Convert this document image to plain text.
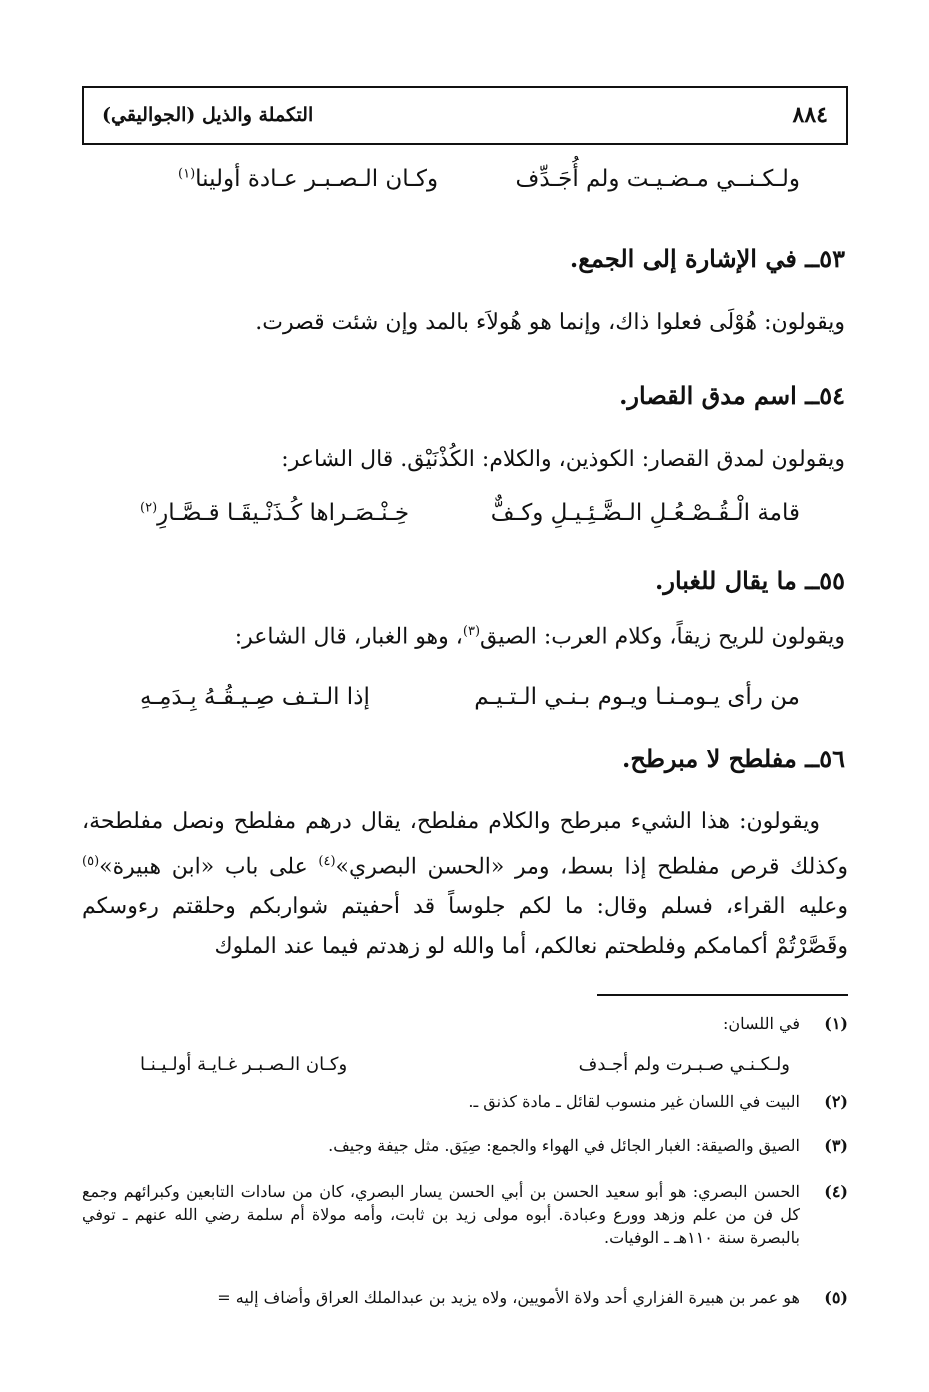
٨٨٤
التكملة والذيل (الجواليقي)
ولـكـنــي مـضـيـت ولم أُجَـدِّف
وكـان الـصـبـر عـادة أولينا$^{(١)}$
٥٣ــ في الإشارة إلى الجمع.
ويقولون: هُوْلَى فعلوا ذاك، وإنما هو هُولاَء بالمد وإن شئت قصرت.
٥٤ــ اسم مدق القصار.
ويقولون لمدق القصار: الكوذين، والكلام: الكُذْنَيْق. قال الشاعر:
قامة الْـقُـصْـعُـلِ الـضَّـئِـيـلِ وكـفٌّ
خِـنْـصَـراها كُـذَنْـيقَـا قـصَّـارِ$^{(٢)}$
٥٥ــ ما يقال للغبار.
ويقولون للريح زيقاً، وكلام العرب: الصيق$^{(٣)}$، وهو الغبار، قال الشاعر:
من رأى يـومـنـا ويـوم بـنـي الـتـيـم
إذا الـتـف صِـيـقُـهُ بِـدَمِـهِ
٥٦ــ مفلطح لا مبرطح.
ويقولون: هذا الشيء مبرطح والكلام مفلطح، يقال درهم مفلطح ونصل مفلطحة، وكذلك قرص مفلطح إذا بسط، ومر «الحسن البصري»$^{(٤)}$ على باب «ابن هبيرة»$^{(٥)}$ وعليه القراء، فسلم وقال: ما لكم جلوساً قد أحفيتم شواربكم وحلقتم رءوسكم وقَصَّرْتُمْ أكمامكم وفلطحتم نعالكم، أما والله لو زهدتم فيما عند الملوك
(١)
في اللسان:
ولـكـنـي صـبـرت ولم أجـدف
وكـان الـصـبـر غـايـة أولـيـنـا
(٢)
البيت في اللسان غير منسوب لقائل ـ مادة كذنق ـ.
(٣)
الصيق والصيقة: الغبار الجائل في الهواء والجمع: صِيَق. مثل جيفة وجيف.
(٤)
الحسن البصري: هو أبو سعيد الحسن بن أبي الحسن يسار البصري، كان من سادات التابعين وكبرائهم وجمع كل فن من علم وزهد وورع وعبادة. أبوه مولى زيد بن ثابت، وأمه مولاة أم سلمة رضي الله عنهم ـ توفي بالبصرة سنة ١١٠هـ ـ الوفيات.
(٥)
هو عمر بن هبيرة الفزاري أحد ولاة الأمويين، ولاه يزيد بن عبدالملك العراق وأضاف إليه =
